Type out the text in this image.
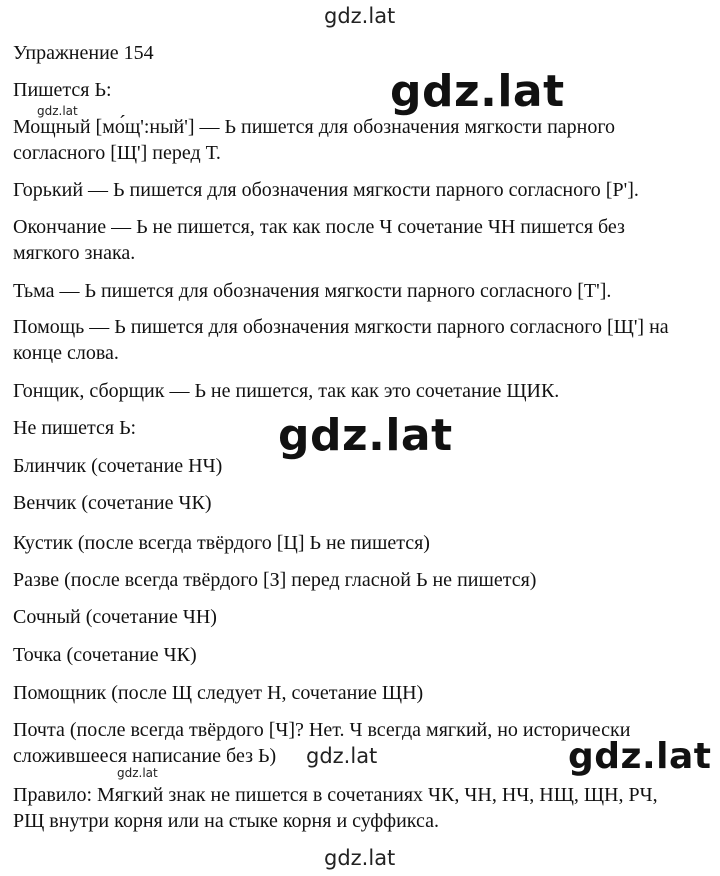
gdz.lat
Упражнение 154
gdz.lat
Пишется Ь:
gdz.lat
Мощный [мо́щ':ный'] — Ь пишется для обозначения мягкости парного
согласного [Щ'] перед Т.
Горький — Ь пишется для обозначения мягкости парного согласного [Р'].
Окончание — Ь не пишется, так как после Ч сочетание ЧН пишется без
мягкого знака.
Тьма — Ь пишется для обозначения мягкости парного согласного [Т'].
Помощь — Ь пишется для обозначения мягкости парного согласного [Щ'] на
конце слова.
Гонщик, сборщик — Ь не пишется, так как это сочетание ЩИК.
Не пишется Ь:	gdz.lat
Блинчик (сочетание НЧ)
Венчик (сочетание ЧК)
Кустик (после всегда твёрдого [Ц] Ь не пишется)
Разве (после всегда твёрдого [З] перед гласной Ь не пишется)
Сочный (сочетание ЧН)
Точка (сочетание ЧК)
Помощник (после Щ следует Н, сочетание ЩН)
Почта (после всегда твёрдого [Ч]? Нет. Ч всегда мягкий, но исторически
сложившееся написание без Ь)	gdz.lat	gdz.lat
gdz.lat
Правило: Мягкий знак не пишется в сочетаниях ЧК, ЧН, НЧ, НЩ, ЩН, РЧ,
РЩ внутри корня или на стыке корня и суффикса.
gdz.lat
